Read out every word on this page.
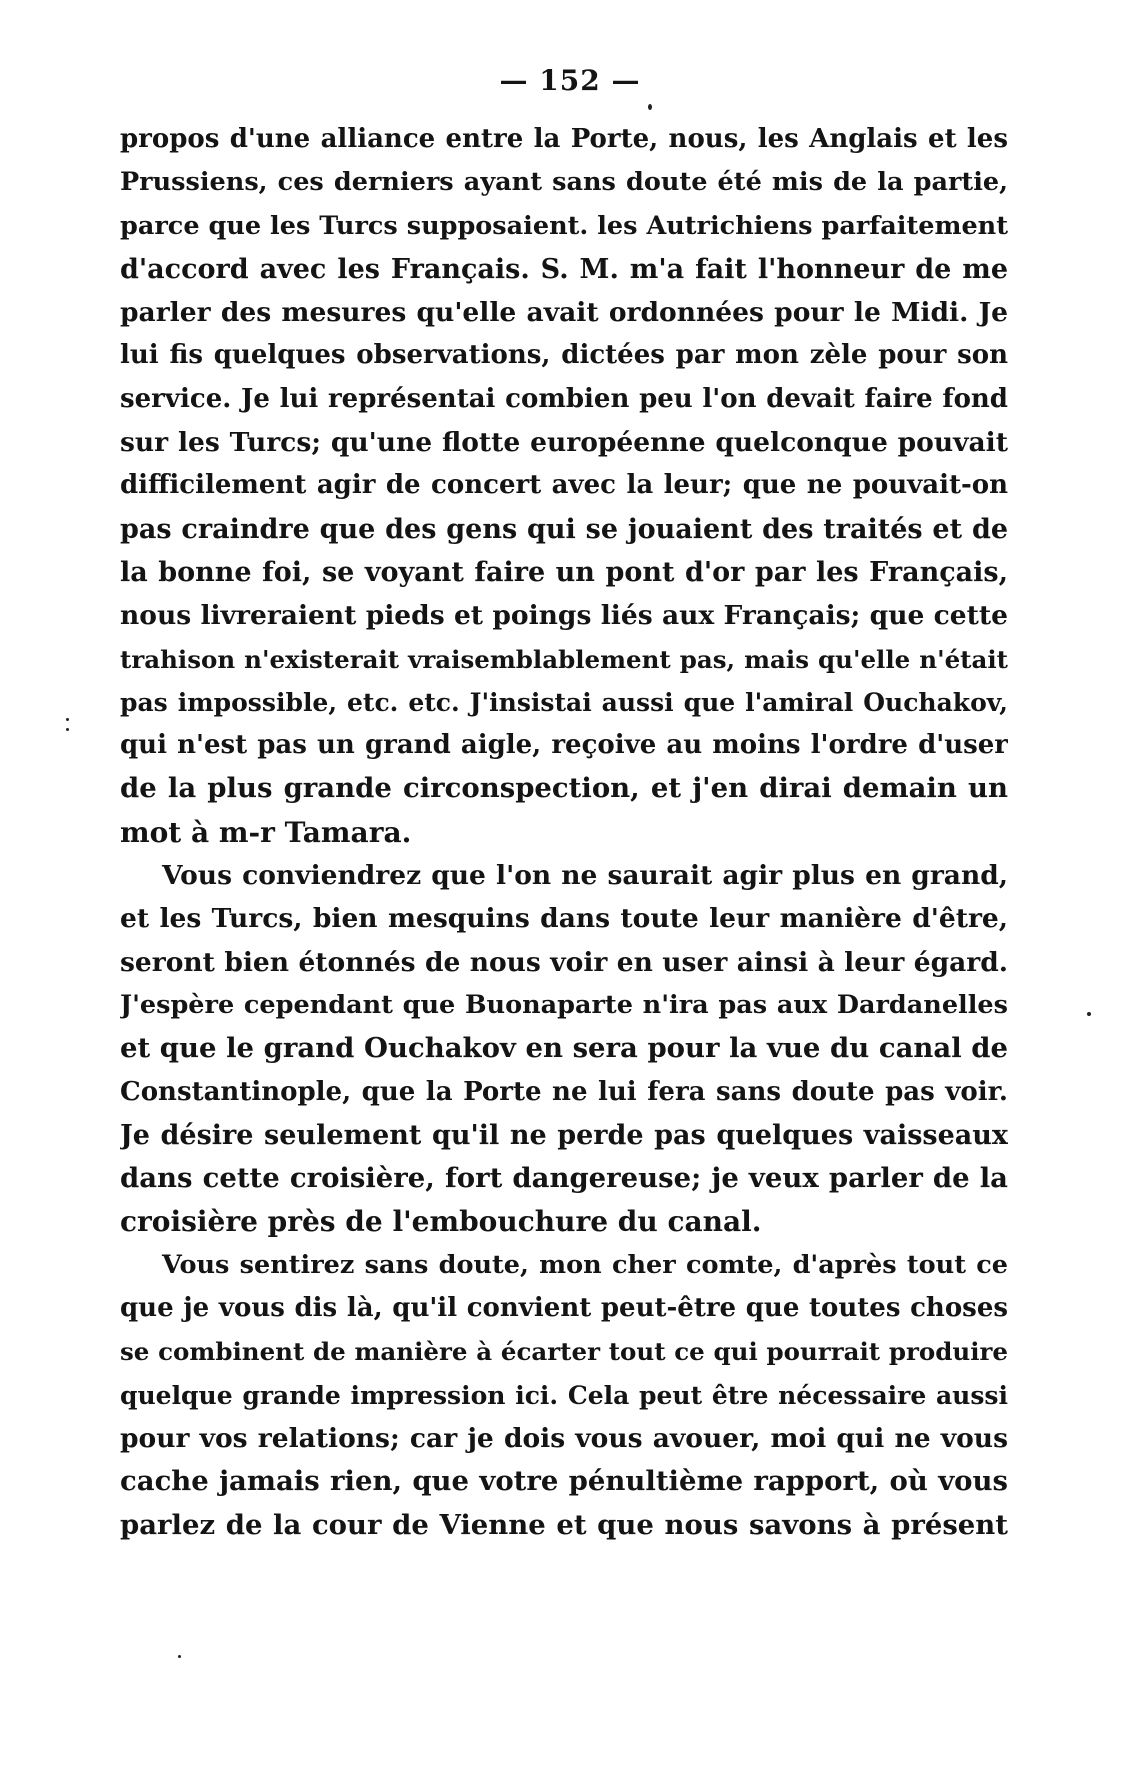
— 152 —
propos d'une alliance entre la Porte, nous, les Anglais et les
Prussiens, ces derniers ayant sans doute été mis de la partie,
parce que les Turcs supposaient. les Autrichiens parfaitement
d'accord avec les Français. S. M. m'a fait l'honneur de me
parler des mesures qu'elle avait ordonnées pour le Midi. Je
lui fis quelques observations, dictées par mon zèle pour son
service. Je lui représentai combien peu l'on devait faire fond
sur les Turcs; qu'une flotte européenne quelconque pouvait
difficilement agir de concert avec la leur; que ne pouvait-on
pas craindre que des gens qui se jouaient des traités et de
la bonne foi, se voyant faire un pont d'or par les Français,
nous livreraient pieds et poings liés aux Français; que cette
trahison n'existerait vraisemblablement pas, mais qu'elle n'était
pas impossible, etc. etc. J'insistai aussi que l'amiral Ouchakov,
qui n'est pas un grand aigle, reçoive au moins l'ordre d'user
de la plus grande circonspection, et j'en dirai demain un
mot à m-r Tamara.
Vous conviendrez que l'on ne saurait agir plus en grand,
et les Turcs, bien mesquins dans toute leur manière d'être,
seront bien étonnés de nous voir en user ainsi à leur égard.
J'espère cependant que Buonaparte n'ira pas aux Dardanelles
et que le grand Ouchakov en sera pour la vue du canal de
Constantinople, que la Porte ne lui fera sans doute pas voir.
Je désire seulement qu'il ne perde pas quelques vaisseaux
dans cette croisière, fort dangereuse; je veux parler de la
croisière près de l'embouchure du canal.
Vous sentirez sans doute, mon cher comte, d'après tout ce
que je vous dis là, qu'il convient peut-être que toutes choses
se combinent de manière à écarter tout ce qui pourrait produire
quelque grande impression ici. Cela peut être nécessaire aussi
pour vos relations; car je dois vous avouer, moi qui ne vous
cache jamais rien, que votre pénultième rapport, où vous
parlez de la cour de Vienne et que nous savons à présent
